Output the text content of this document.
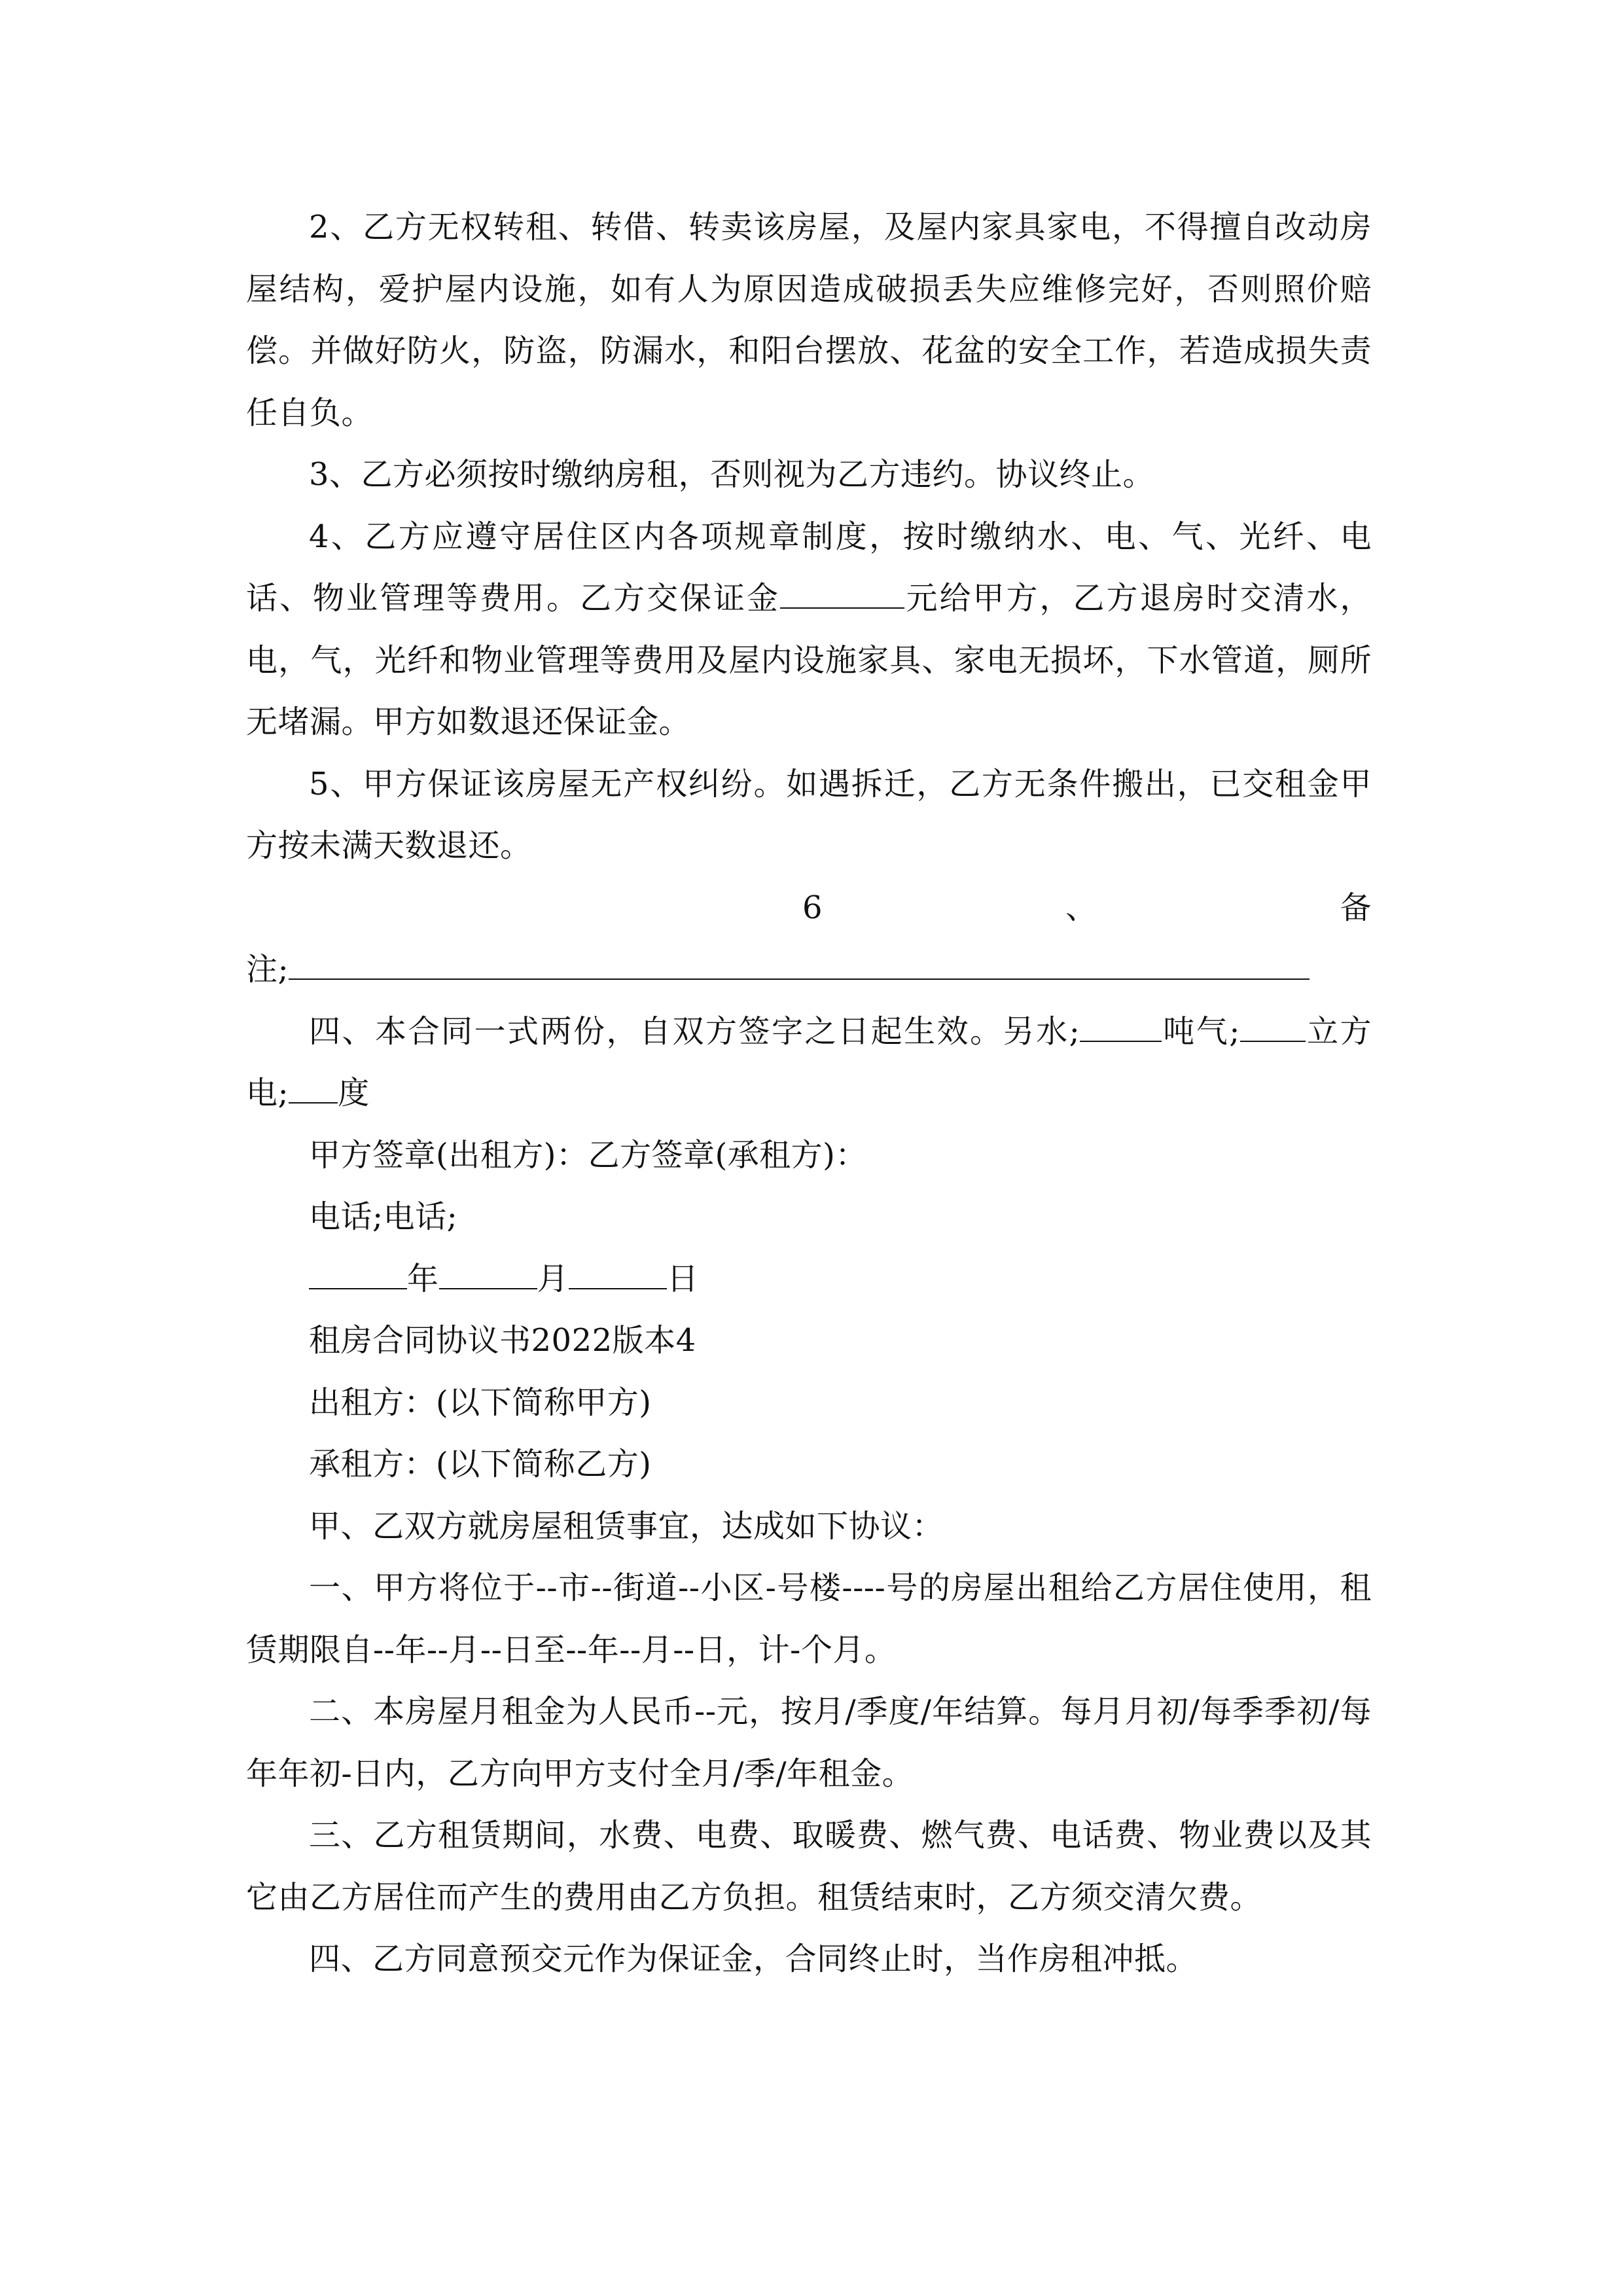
2、乙方无权转租、转借、转卖该房屋，及屋内家具家电，不得擅自改动房屋结构，爱护屋内设施，如有人为原因造成破损丢失应维修完好，否则照价赔偿。并做好防火，防盗，防漏水，和阳台摆放、花盆的安全工作，若造成损失责任自负。

3、乙方必须按时缴纳房租，否则视为乙方违约。协议终止。

4、乙方应遵守居住区内各项规章制度，按时缴纳水、电、气、光纤、电话、物业管理等费用。乙方交保证金	元给甲方，乙方退房时交清水，电，气，光纤和物业管理等费用及屋内设施家具、家电无损坏，下水管道，厕所无堵漏。甲方如数退还保证金。

5、甲方保证该房屋无产权纠纷。如遇拆迁，乙方无条件搬出，已交租金甲方按未满天数退还。

6	、	备

注;

四、本合同一式两份，自双方签字之日起生效。另水;	吨气; 立方电; 度

甲方签章(出租方)：乙方签章(承租方)：

电话;电话;

年	月	日

租房合同协议书2022版本4

出租方：(以下简称甲方)

承租方：(以下简称乙方)

甲、乙双方就房屋租赁事宜，达成如下协议：

一、甲方将位于--市--街道--小区-号楼----号的房屋出租给乙方居住使用，租赁期限自--年--月--日至--年--月--日，计-个月。

二、本房屋月租金为人民币--元，按月/季度/年结算。每月月初/每季季初/每年年初-日内，乙方向甲方支付全月/季/年租金。

三、乙方租赁期间，水费、电费、取暖费、燃气费、电话费、物业费以及其它由乙方居住而产生的费用由乙方负担。租赁结束时，乙方须交清欠费。

四、乙方同意预交元作为保证金，合同终止时，当作房租冲抵。
